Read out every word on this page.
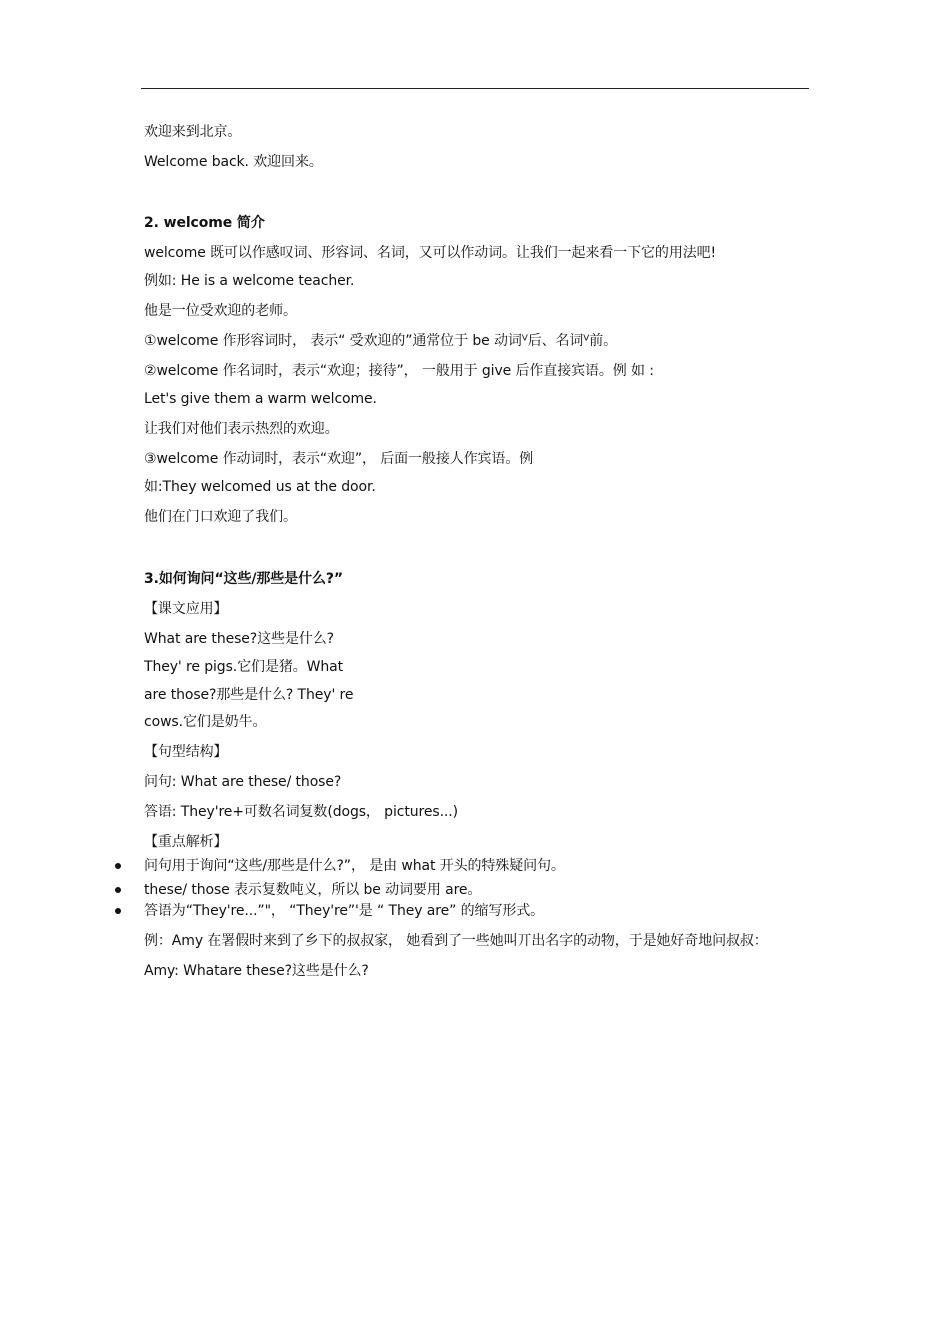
欢迎来到北京。
Welcome back. 欢迎回来。
2. welcome 简介
welcome 既可以作感叹词、形容词、名词，又可以作动词。让我们一起来看一下它的用法吧!
例如: He is a welcome teacher.
他是一位受欢迎的老师。
①welcome 作形容词时， 表示“ 受欢迎的”通常位于 be 动词ⱽ后、名词ⱽ前。
②welcome 作名词时，表示“欢迎；接待”， 一般用于 give 后作直接宾语。例 如 :
Let's give them a warm welcome.
让我们对他们表示热烈的欢迎。
③welcome 作动词时，表示“欢迎”， 后面一般接人作宾语。例
如:They welcomed us at the door.
他们在门口欢迎了我们。
3.如何询问“这些/那些是什么?”
【课文应用】
What are these?这些是什么?
They' re pigs.它们是猪。What
are those?那些是什么? They' re
cows.它们是奶牛。
【句型结构】
问句: What are these/ those?
答语: They're+可数名词复数(dogs， pictures...)
【重点解析】
问句用于询问“这些/那些是什么?”， 是由 what 开头的特殊疑问句。
these/ those 表示复数吨义，所以 be 动词要用 are。
答语为“They're...”"， “They're”'是 “ They are” 的缩写形式。
例：Amy 在署假时来到了乡下的叔叔家， 她看到了一些她叫丌出名字的动物，于是她好奇地问叔叔：
Amy: Whatare these?这些是什么?
